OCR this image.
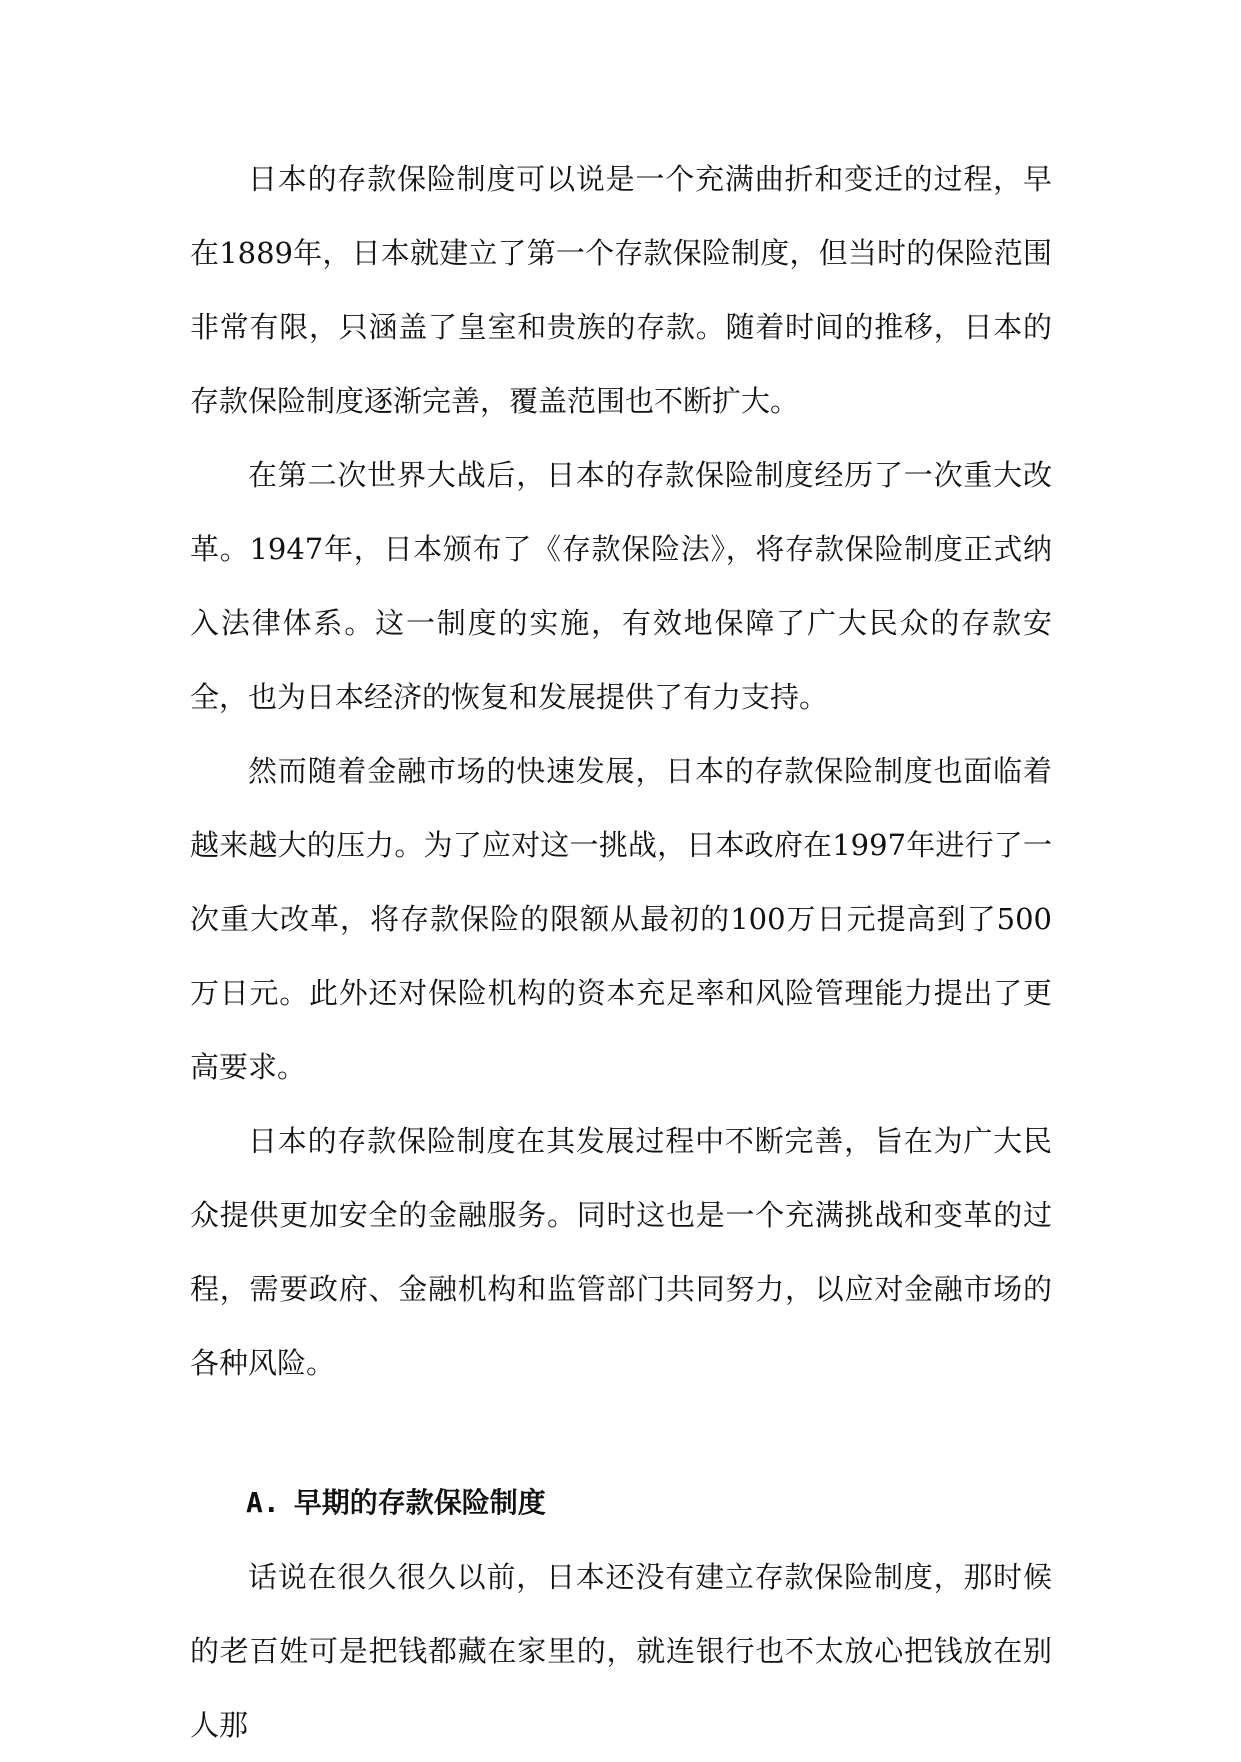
日本的存款保险制度可以说是一个充满曲折和变迁的过程，早在1889年，日本就建立了第一个存款保险制度，但当时的保险范围非常有限，只涵盖了皇室和贵族的存款。随着时间的推移，日本的存款保险制度逐渐完善，覆盖范围也不断扩大。

在第二次世界大战后，日本的存款保险制度经历了一次重大改革。1947年，日本颁布了《存款保险法》，将存款保险制度正式纳入法律体系。这一制度的实施，有效地保障了广大民众的存款安全，也为日本经济的恢复和发展提供了有力支持。

然而随着金融市场的快速发展，日本的存款保险制度也面临着越来越大的压力。为了应对这一挑战，日本政府在1997年进行了一次重大改革，将存款保险的限额从最初的100万日元提高到了500万日元。此外还对保险机构的资本充足率和风险管理能力提出了更高要求。

日本的存款保险制度在其发展过程中不断完善，旨在为广大民众提供更加安全的金融服务。同时这也是一个充满挑战和变革的过程，需要政府、金融机构和监管部门共同努力，以应对金融市场的各种风险。

A. 早期的存款保险制度

话说在很久很久以前，日本还没有建立存款保险制度，那时候的老百姓可是把钱都藏在家里的，就连银行也不太放心把钱放在别人那
